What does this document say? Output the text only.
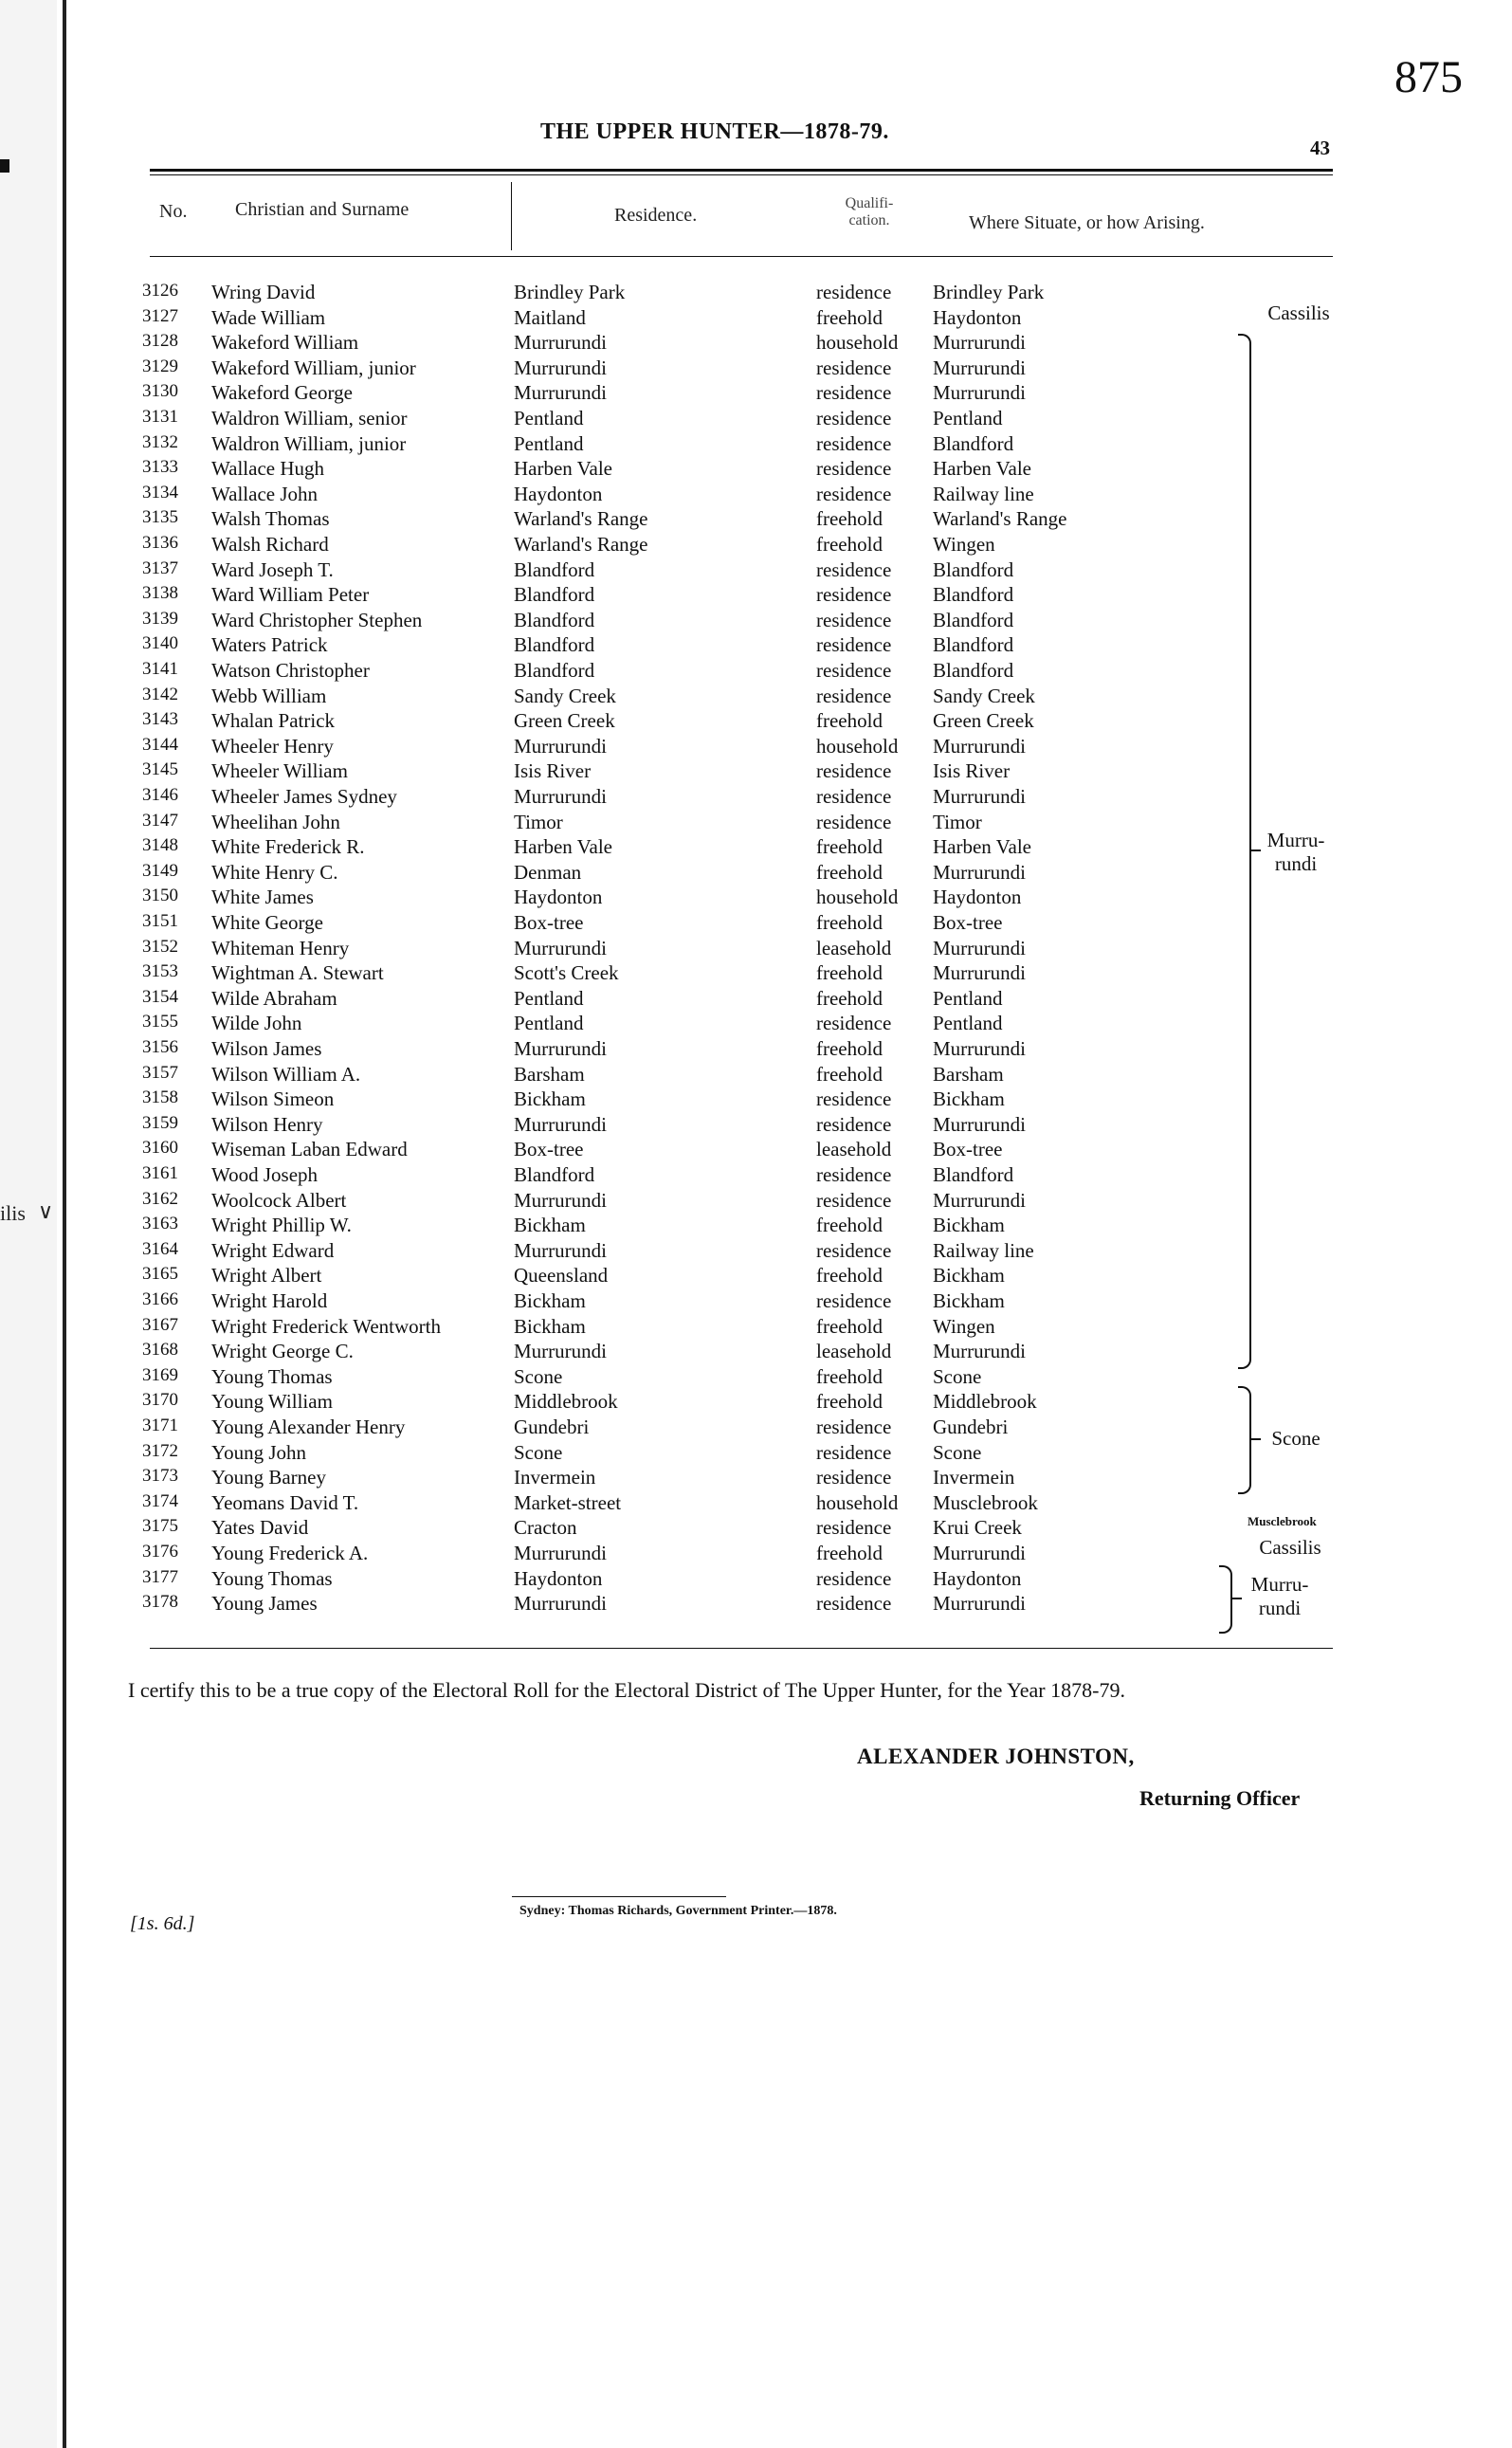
ilis ∨
875
THE UPPER HUNTER—1878-79.
43
No.	Christian and Surname	Residence.
Qualifi- cation.	Where Situate, or how Arising.
3126 Wring David	Brindley Park	residence Brindley Park
3127 Wade William	Maitland	freehold	Haydonton
3128 Wakeford William	Murrurundi	household Murrurundi
3129 Wakeford William, junior	Murrurundi	residence Murrurundi
3130 Wakeford George	Murrurundi	residence Murrurundi
3131 Waldron William, senior	Pentland	residence Pentland
3132 Waldron William, junior	Pentland	residence Blandford
3133 Wallace Hugh	Harben Vale	residence Harben Vale
3134 Wallace John	Haydonton	residence Railway line
3135 Walsh Thomas	Warland's Range	freehold	Warland's Range
3136 Walsh Richard	Warland's Range	freehold	Wingen
3137 Ward Joseph T.	Blandford	residence Blandford
3138 Ward William Peter	Blandford	residence Blandford
3139 Ward Christopher Stephen	Blandford	residence Blandford
3140 Waters Patrick	Blandford	residence Blandford
3141 Watson Christopher	Blandford	residence Blandford
3142 Webb William	Sandy Creek	residence Sandy Creek
3143 Whalan Patrick	Green Creek	freehold	Green Creek
3144 Wheeler Henry	Murrurundi	household Murrurundi
3145 Wheeler William	Isis River	residence Isis River
3146 Wheeler James Sydney	Murrurundi	residence Murrurundi
3147 Wheelihan John	Timor	residence Timor
3148 White Frederick R.	Harben Vale	freehold	Harben Vale
3149 White Henry C.	Denman	freehold	Murrurundi
3150 White James	Haydonton	household Haydonton
3151 White George	Box-tree	freehold	Box-tree
3152 Whiteman Henry	Murrurundi	leasehold Murrurundi
3153 Wightman A. Stewart	Scott's Creek	freehold	Murrurundi
3154 Wilde Abraham	Pentland	freehold	Pentland
3155 Wilde John	Pentland	residence Pentland
3156 Wilson James	Murrurundi	freehold	Murrurundi
3157 Wilson William A.	Barsham	freehold	Barsham
3158 Wilson Simeon	Bickham	residence Bickham
3159 Wilson Henry	Murrurundi	residence Murrurundi
3160 Wiseman Laban Edward	Box-tree	leasehold Box-tree
3161 Wood Joseph	Blandford	residence Blandford
3162 Woolcock Albert	Murrurundi	residence Murrurundi
3163 Wright Phillip W.	Bickham	freehold	Bickham
3164 Wright Edward	Murrurundi	residence Railway line
3165 Wright Albert	Queensland	freehold	Bickham
3166 Wright Harold	Bickham	residence Bickham
3167 Wright Frederick Wentworth	Bickham	freehold	Wingen
3168 Wright George C.	Murrurundi	leasehold Murrurundi
3169 Young Thomas	Scone	freehold	Scone
3170 Young William	Middlebrook	freehold	Middlebrook
3171 Young Alexander Henry	Gundebri	residence Gundebri
3172 Young John	Scone	residence Scone
3173 Young Barney	Invermein	residence Invermein
3174 Yeomans David T.	Market-street	household Musclebrook
3175 Yates David	Cracton	residence Krui Creek
3176 Young Frederick A.	Murrurundi	freehold	Murrurundi
3177 Young Thomas	Haydonton	residence Haydonton
3178 Young James	Murrurundi	residence Murrurundi
Cassilis
Murru-
rundi
Scone
Musclebrook
Cassilis
Murru-
rundi
I certify this to be a true copy of the Electoral Roll for the Electoral District of The Upper Hunter, for the Year 1878-79.
ALEXANDER JOHNSTON,
Returning Officer
[1s. 6d.]
Sydney: Thomas Richards, Government Printer.—1878.
